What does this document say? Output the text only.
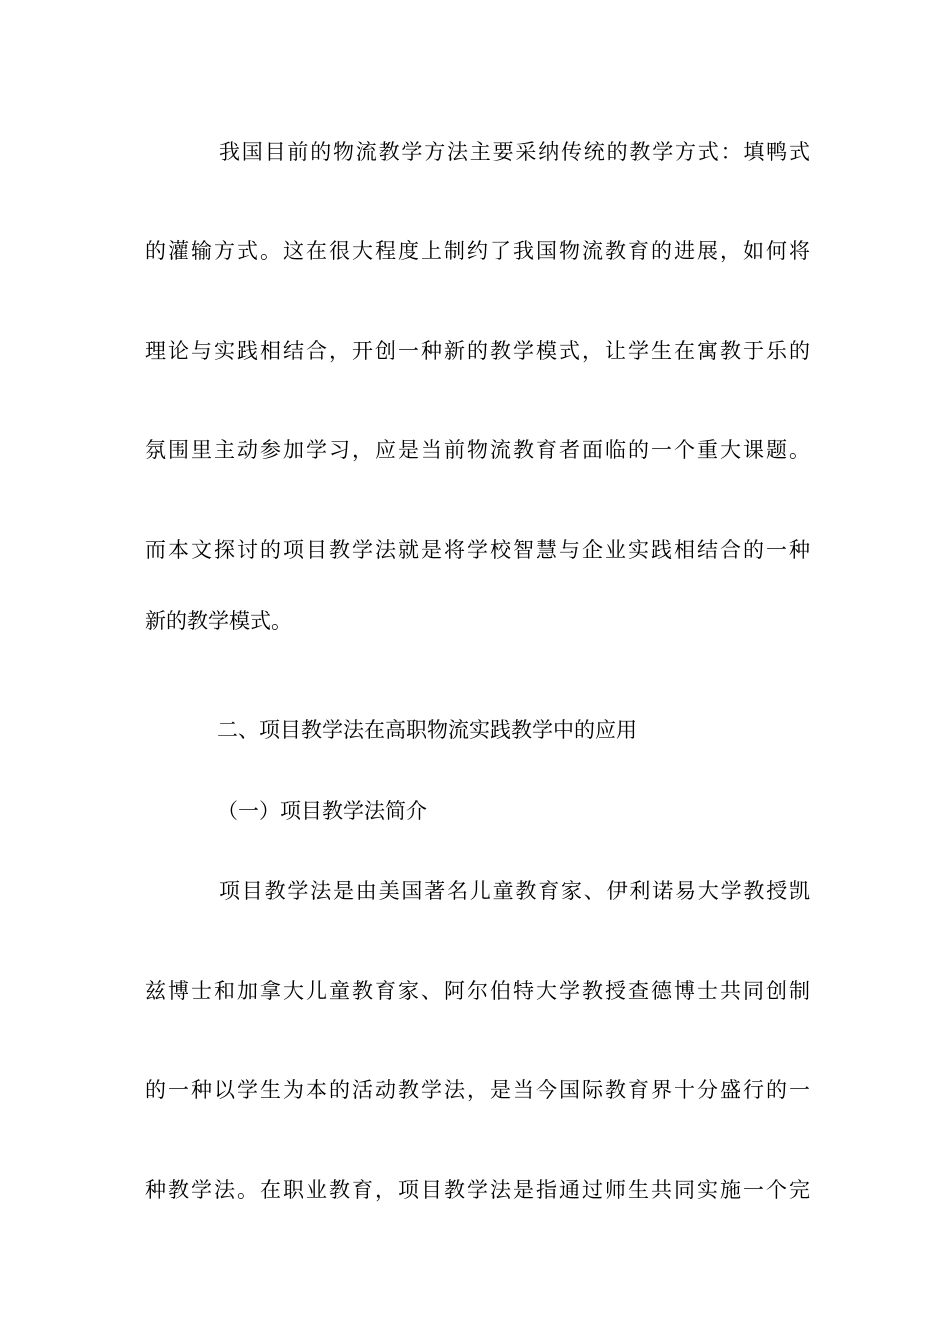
我国目前的物流教学方法主要采纳传统的教学方式：填鸭式
的灌输方式。这在很大程度上制约了我国物流教育的进展，如何将
理论与实践相结合，开创一种新的教学模式，让学生在寓教于乐的
氛围里主动参加学习，应是当前物流教育者面临的一个重大课题。
而本文探讨的项目教学法就是将学校智慧与企业实践相结合的一种
新的教学模式。
二、项目教学法在高职物流实践教学中的应用
（一）项目教学法简介
项目教学法是由美国著名儿童教育家、伊利诺易大学教授凯
兹博士和加拿大儿童教育家、阿尔伯特大学教授查德博士共同创制
的一种以学生为本的活动教学法，是当今国际教育界十分盛行的一
种教学法。在职业教育，项目教学法是指通过师生共同实施一个完
